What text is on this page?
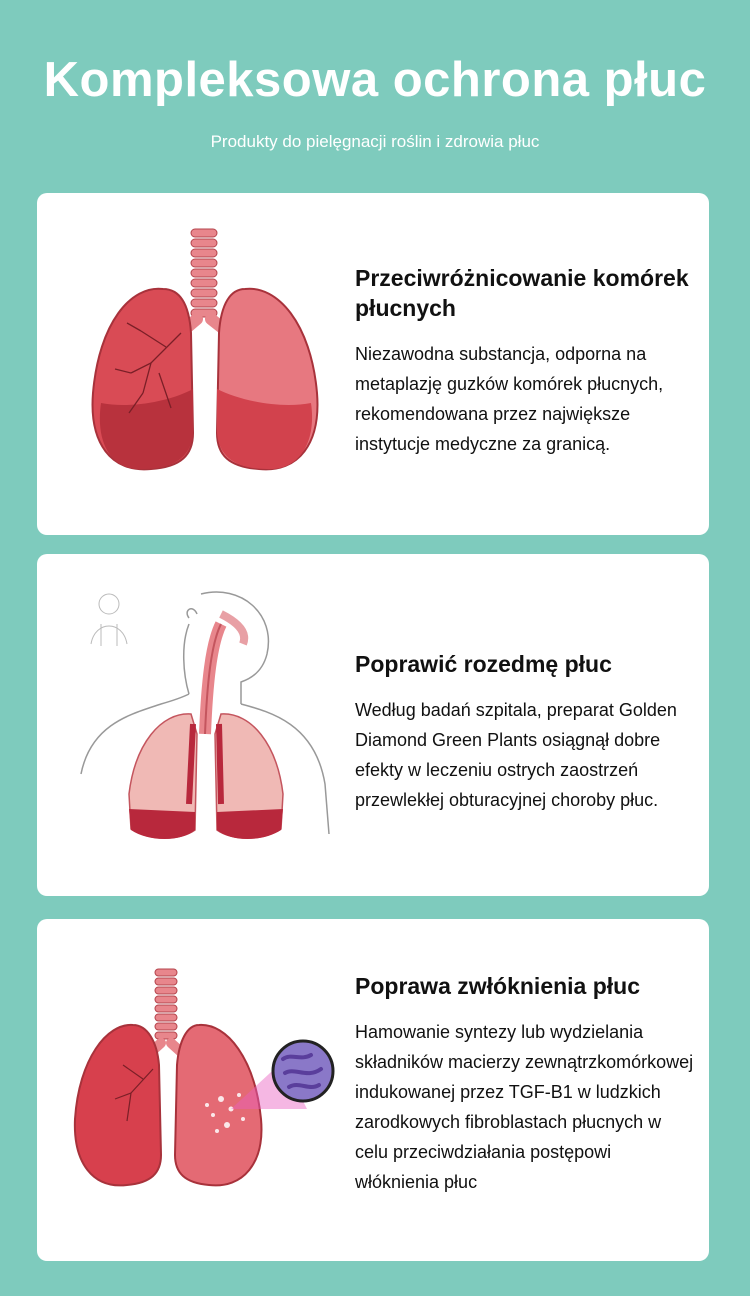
Kompleksowa ochrona płuc
Produkty do pielęgnacji roślin i zdrowia płuc

Przeciwróżnicowanie komórek płucnych

Niezawodna substancja, odporna na metaplazję guzków komórek płucnych, rekomendowana przez największe instytucje medyczne za granicą.

Poprawić rozedmę płuc

Według badań szpitala, preparat Golden Diamond Green Plants osiągnął dobre efekty w leczeniu ostrych zaostrzeń przewlekłej obturacyjnej choroby płuc.

Poprawa zwłóknienia płuc

Hamowanie syntezy lub wydzielania składników macierzy zewnątrzkomórkowej indukowanej przez TGF-B1 w ludzkich zarodkowych fibroblastach płucnych w celu przeciwdziałania postępowi włóknienia płuc
